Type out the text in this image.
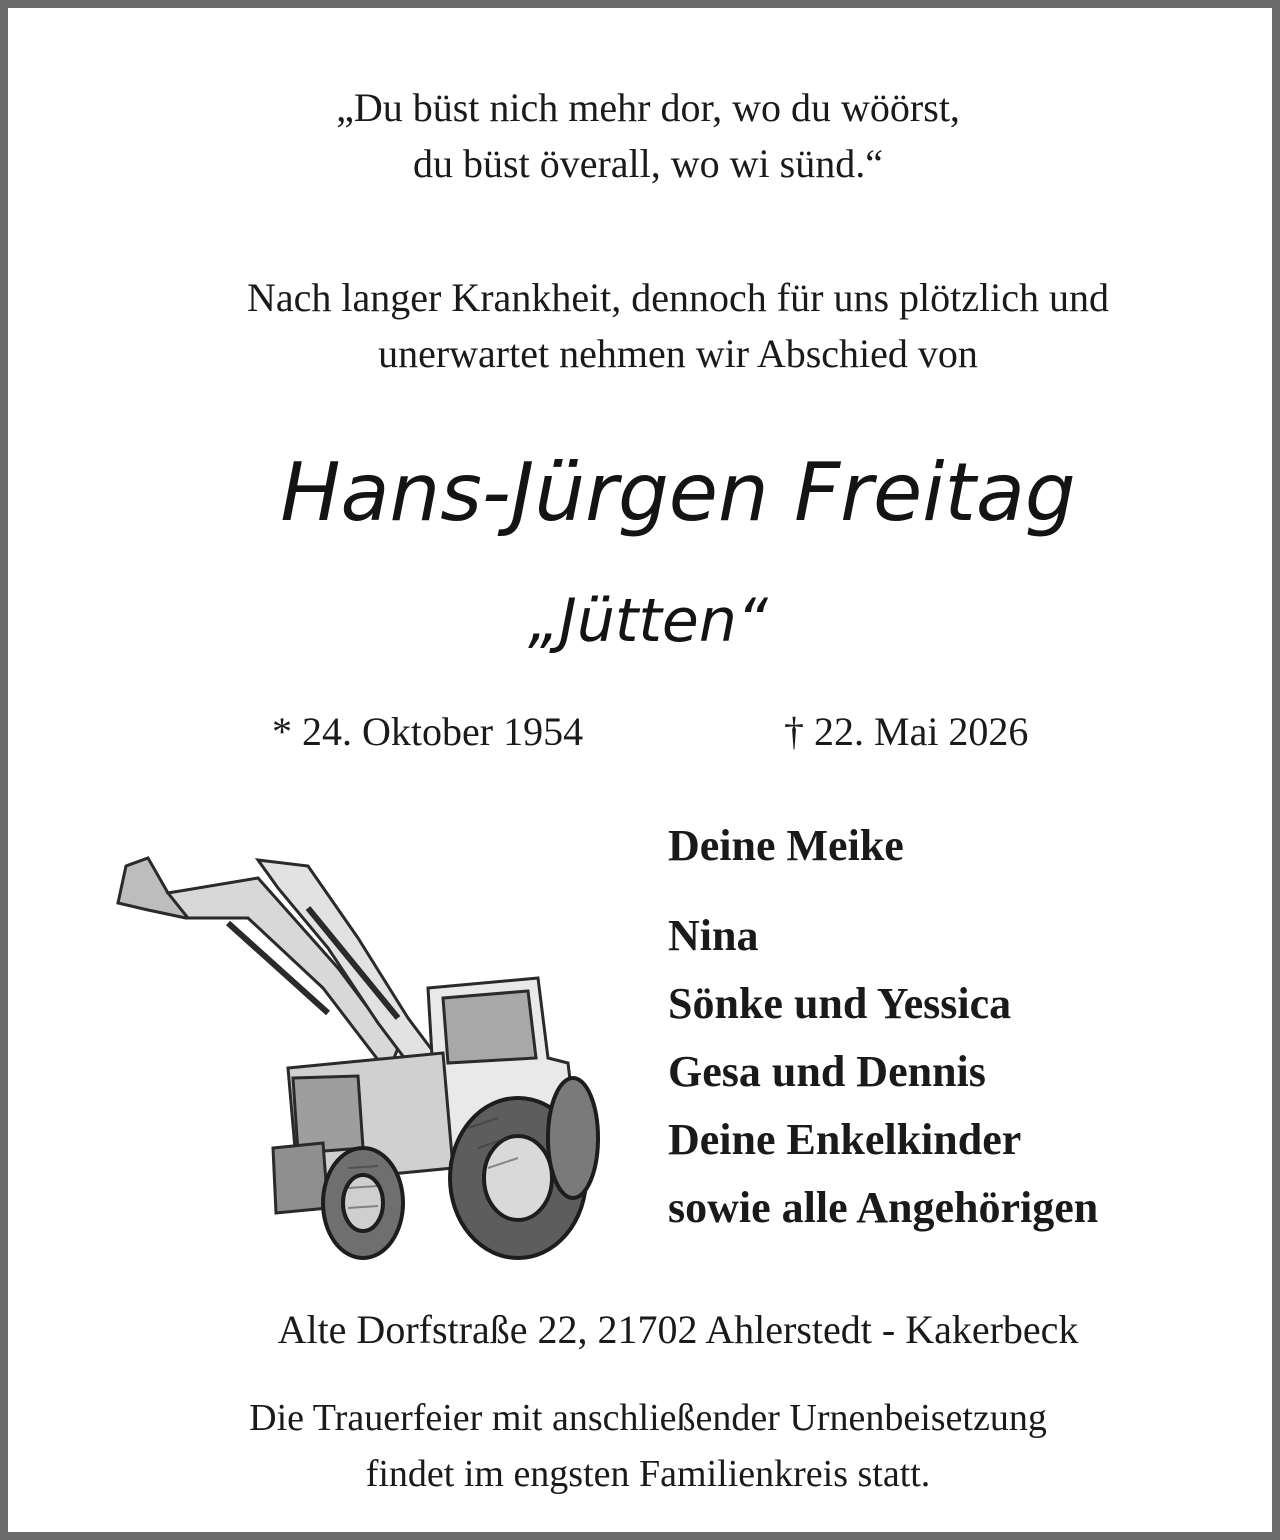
„Du büst nich mehr dor, wo du wöörst,
du büst överall, wo wi sünd.“
Nach langer Krankheit, dennoch für uns plötzlich und
unerwartet nehmen wir Abschied von
Hans-Jürgen Freitag
„Jütten“
* 24. Oktober 1954	† 22. Mai 2026
Deine Meike
Nina
Sönke und Yessica
Gesa und Dennis
Deine Enkelkinder
sowie alle Angehörigen
Alte Dorfstraße 22, 21702 Ahlerstedt - Kakerbeck
Die Trauerfeier mit anschließender Urnenbeisetzung
findet im engsten Familienkreis statt.
